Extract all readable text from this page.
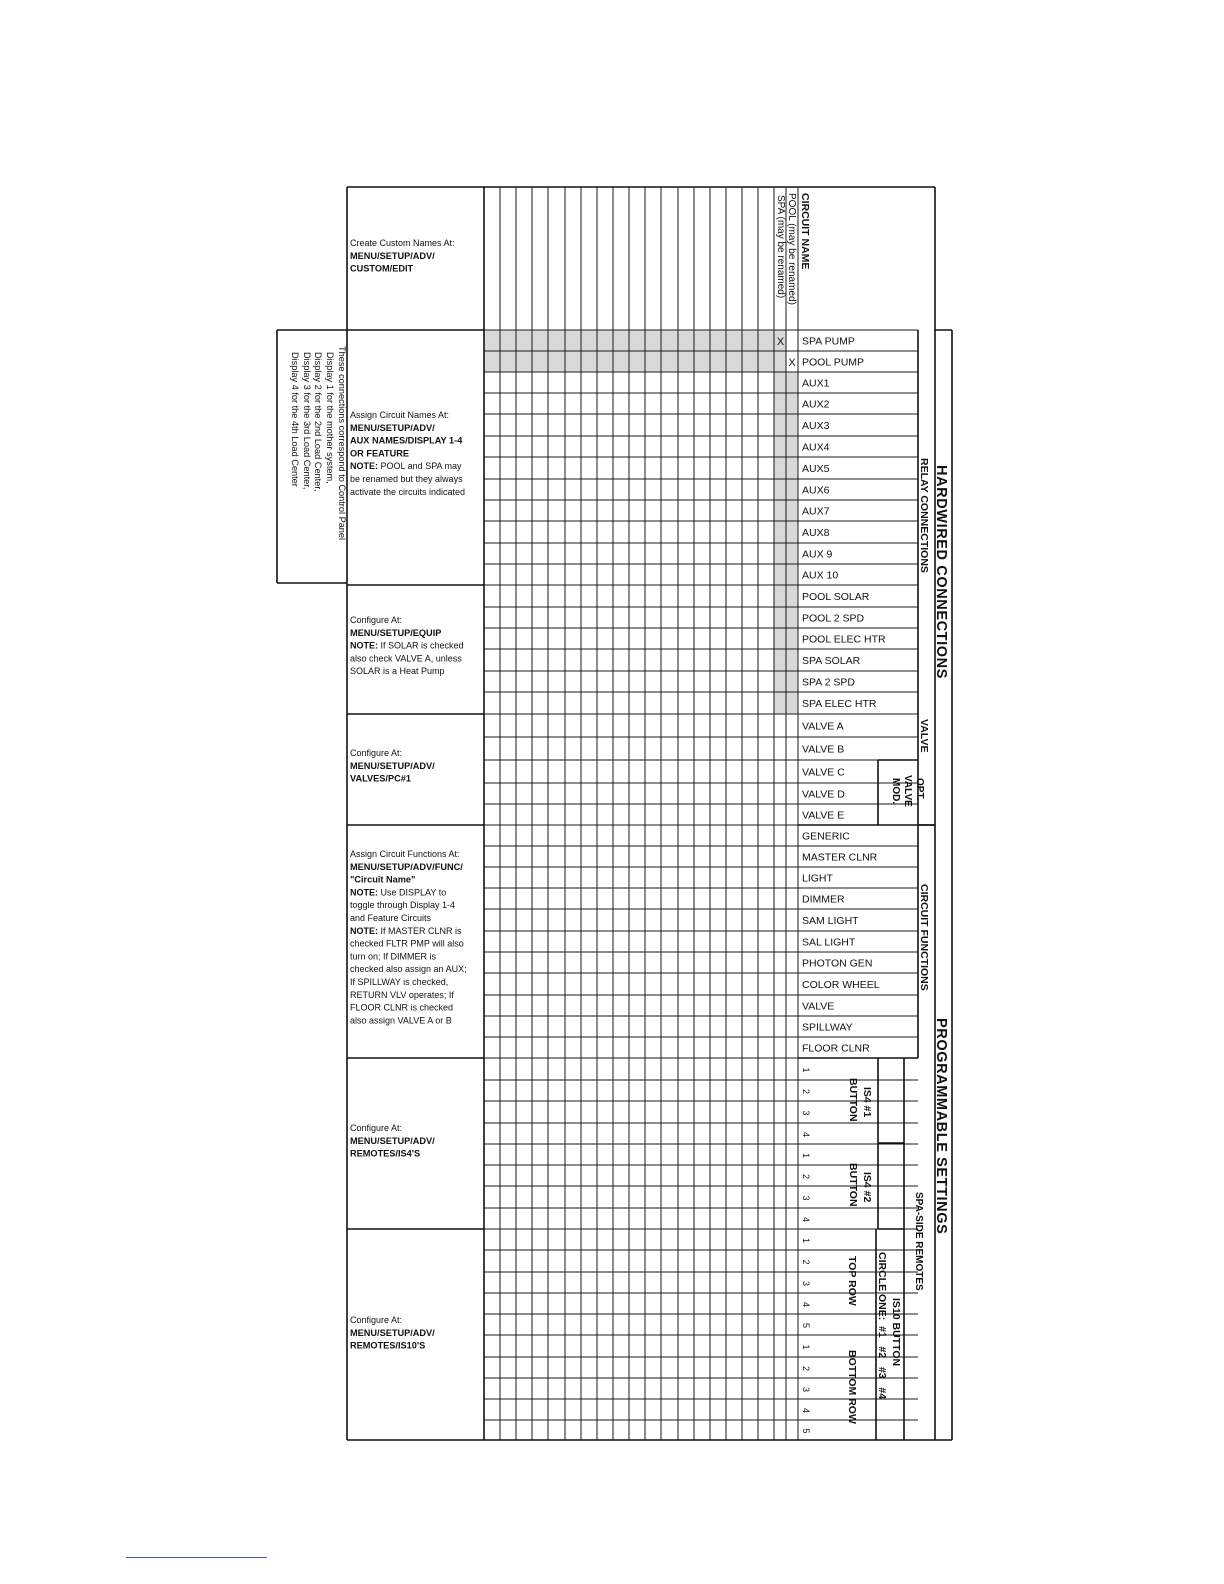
HARDWIRED CONNECTIONS
PROGRAMMABLE SETTINGS
RELAY CONNECTIONS
VALVE
OPT.
VALVE
MOD.
CIRCUIT FUNCTIONS
SPA-SIDE REMOTES
IS4 #1
BUTTON
IS4 #2
BUTTON
IS10 BUTTON
CIRCLE ONE:  #1   #2   #3   #4
TOP ROW
BOTTOM ROW
CIRCUIT NAME
POOL (may be renamed)
SPA (may be renamed)
X
X
SPA PUMP
POOL PUMP
AUX1
AUX2
AUX3
AUX4
AUX5
AUX6
AUX7
AUX8
AUX 9
AUX 10
POOL SOLAR
POOL 2 SPD
POOL ELEC HTR
SPA SOLAR
SPA 2 SPD
SPA ELEC HTR
VALVE A
VALVE B
VALVE C
VALVE D
VALVE E
GENERIC
MASTER CLNR
LIGHT
DIMMER
SAM LIGHT
SAL LIGHT
PHOTON GEN
COLOR WHEEL
VALVE
SPILLWAY
FLOOR CLNR
1
2
3
4
1
2
3
4
1
2
3
4
5
1
2
3
4
5
Create Custom Names At:
MENU/SETUP/ADV/
CUSTOM/EDIT
Assign Circuit Names At:
MENU/SETUP/ADV/
AUX NAMES/DISPLAY 1-4
OR FEATURE
NOTE: POOL and SPA may
be renamed but they always
activate the circuits indicated
Configure At:
MENU/SETUP/EQUIP
NOTE: If SOLAR is checked
also check VALVE A, unless
SOLAR is a Heat Pump
Configure At:
MENU/SETUP/ADV/
VALVES/PC#1
Assign Circuit Functions At:
MENU/SETUP/ADV/FUNC/
"Circuit Name"
NOTE: Use DISPLAY to
toggle through Display 1-4
and Feature Circuits
NOTE: If MASTER CLNR is
checked FLTR PMP will also
turn on; If DIMMER is
checked also assign an AUX;
If SPILLWAY is checked,
RETURN VLV operates; If
FLOOR CLNR is checked
also assign VALVE A or B
Configure At:
MENU/SETUP/ADV/
REMOTES/IS4'S
Configure At:
MENU/SETUP/ADV/
REMOTES/IS10'S
These connections correspond to Control Panel
Display 1 for the mother system,
Display 2 for the 2nd Load Center,
Display 3 for the 3rd Load Center,
Display 4 for the 4th Load Center
